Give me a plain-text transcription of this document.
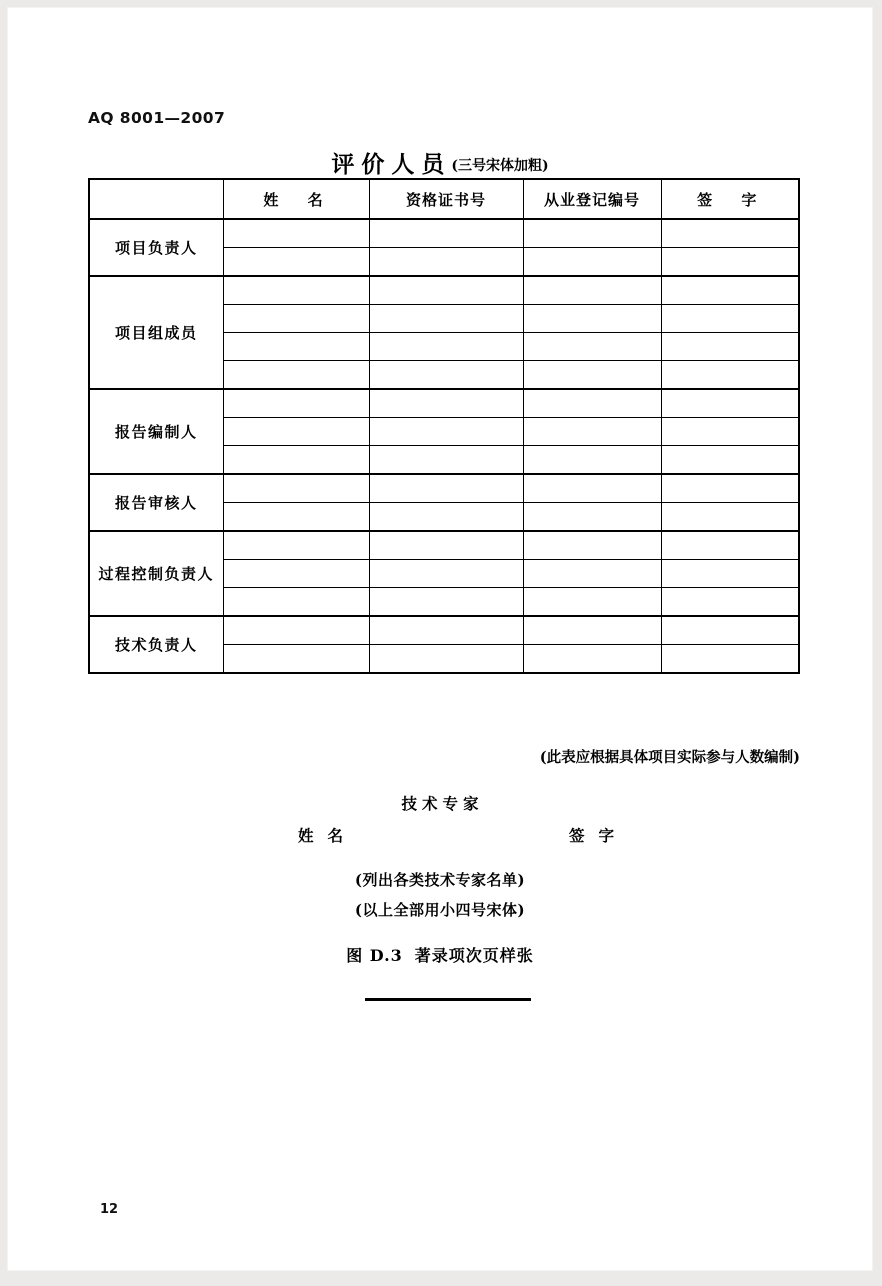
AQ 8001—2007
评价人员(三号宋体加粗)
	姓 名	资格证书号	从业登记编号	签 字
项目负责人				

项目组成员				

报告编制人				

报告审核人				

过程控制负责人				

技术负责人				

(此表应根据具体项目实际参与人数编制)
技术专家
姓名	签字
(列出各类技术专家名单)
(以上全部用小四号宋体)
图 D.3 著录项次页样张
12
